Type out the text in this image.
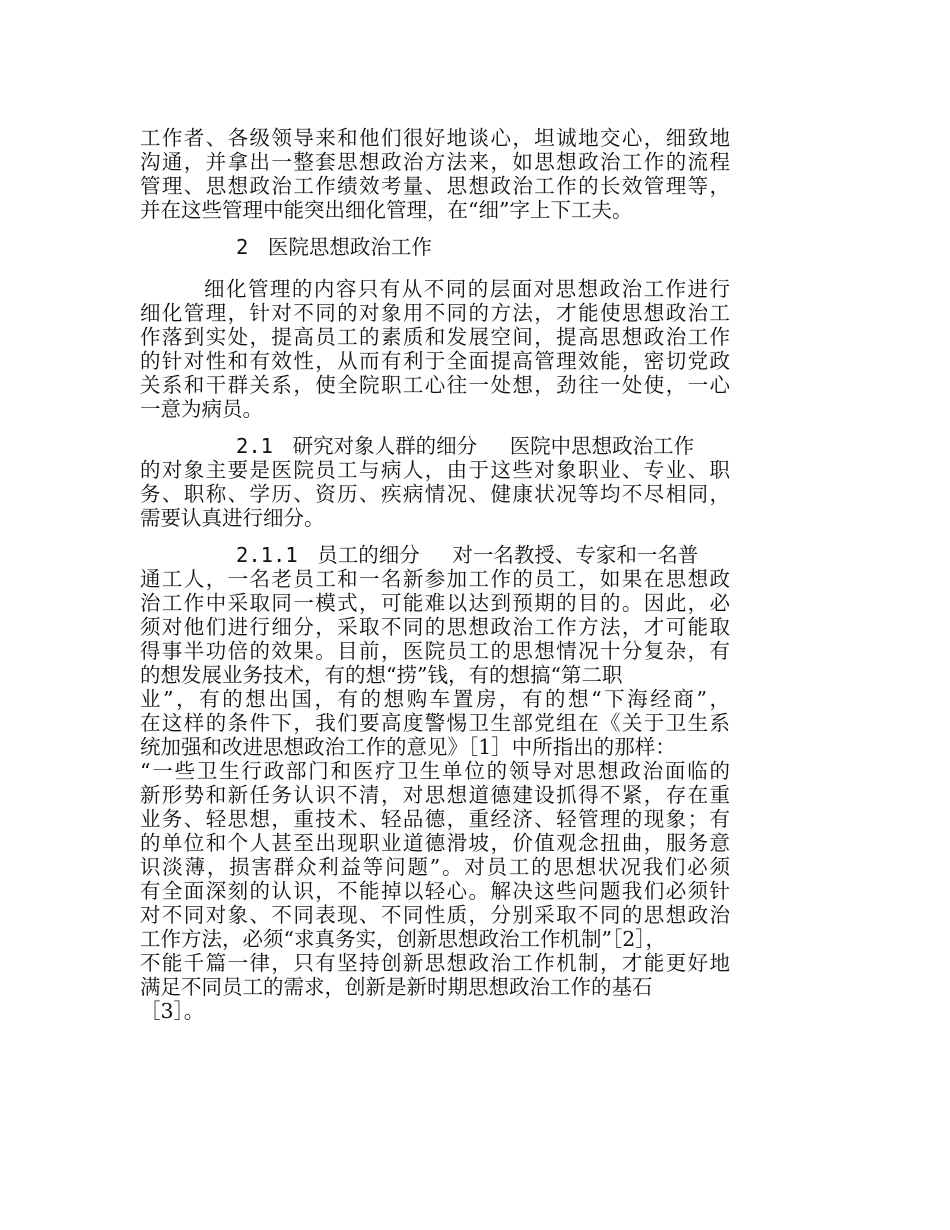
工作者、各级领导来和他们很好地谈心，坦诚地交心，细致地
沟通，并拿出一整套思想政治方法来，如思想政治工作的流程
管理、思想政治工作绩效考量、思想政治工作的长效管理等，
并在这些管理中能突出细化管理，在“细”字上下工夫。
2 医院思想政治工作
细化管理的内容只有从不同的层面对思想政治工作进行
细化管理，针对不同的对象用不同的方法，才能使思想政治工
作落到实处，提高员工的素质和发展空间，提高思想政治工作
的针对性和有效性，从而有利于全面提高管理效能，密切党政
关系和干群关系，使全院职工心往一处想，劲往一处使，一心
一意为病员。
2.1 研究对象人群的细分 医院中思想政治工作
的对象主要是医院员工与病人，由于这些对象职业、专业、职
务、职称、学历、资历、疾病情况、健康状况等均不尽相同，
需要认真进行细分。
2.1.1 员工的细分 对一名教授、专家和一名普
通工人，一名老员工和一名新参加工作的员工，如果在思想政
治工作中采取同一模式，可能难以达到预期的目的。因此，必
须对他们进行细分，采取不同的思想政治工作方法，才可能取
得事半功倍的效果。目前，医院员工的思想情况十分复杂，有
的想发展业务技术，有的想“捞”钱，有的想搞“第二职
业”，有的想出国，有的想购车置房，有的想“下海经商”，
在这样的条件下，我们要高度警惕卫生部党组在《关于卫生系
统加强和改进思想政治工作的意见》［1］中所指出的那样：
“一些卫生行政部门和医疗卫生单位的领导对思想政治面临的
新形势和新任务认识不清，对思想道德建设抓得不紧，存在重
业务、轻思想，重技术、轻品德，重经济、轻管理的现象；有
的单位和个人甚至出现职业道德滑坡，价值观念扭曲，服务意
识淡薄，损害群众利益等问题”。对员工的思想状况我们必须
有全面深刻的认识，不能掉以轻心。解决这些问题我们必须针
对不同对象、不同表现、不同性质，分别采取不同的思想政治
工作方法，必须“求真务实，创新思想政治工作机制”［2］，
不能千篇一律，只有坚持创新思想政治工作机制，才能更好地
满足不同员工的需求，创新是新时期思想政治工作的基石
［3］。
